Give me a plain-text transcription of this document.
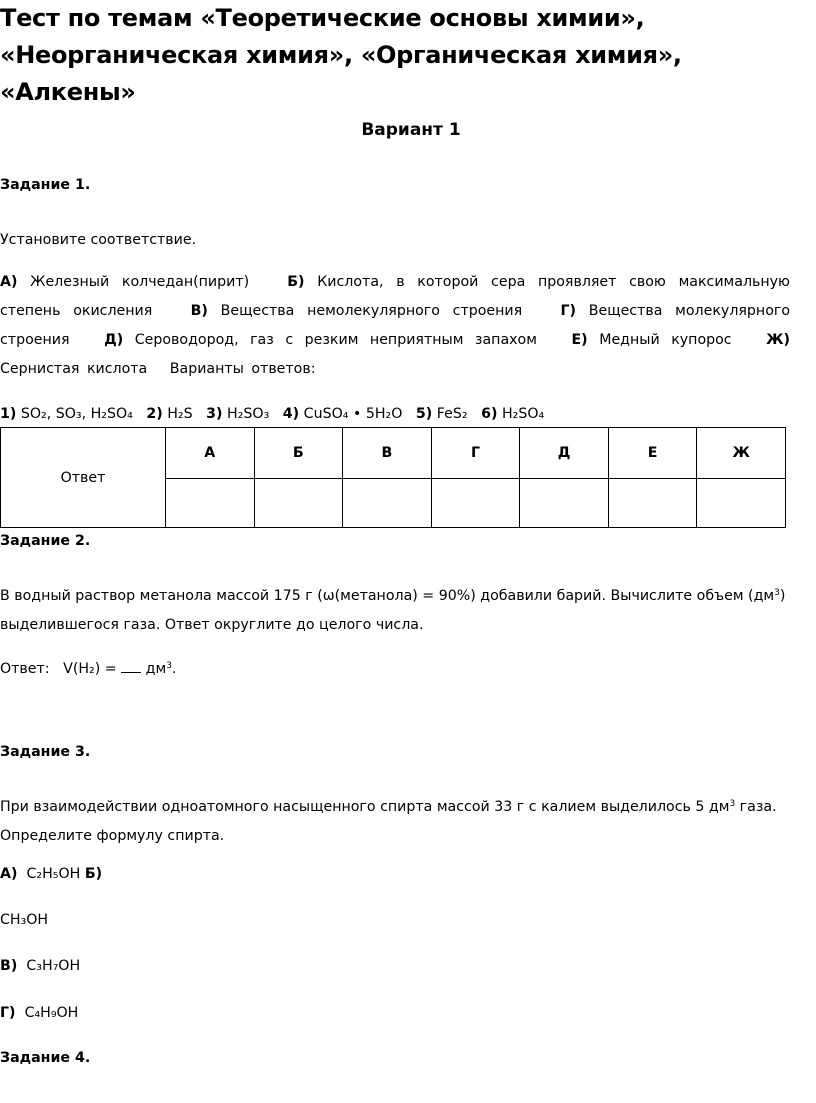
Тест по темам «Теоретические основы химии», «Неорганическая химия», «Органическая химия», «Алкены»

Вариант 1

Задание 1.

Установите соответствие.

А) Железный колчедан(пирит)	Б) Кислота, в которой сера проявляет свою максимальную степень окисления	В) Вещества немолекулярного строения	Г) Вещества молекулярного строения Д) Сероводород, газ с резким неприятным запахом Е) Медный купорос Ж) Сернистая кислота Варианты ответов:

1) SO₂, SO₃, H₂SO₄ 2) H₂S 3) H₂SO₃ 4) CuSO₄ • 5H₂O 5) FeS₂ 6) H₂SO₄

Ответ	А	Б	В	Г	Д	Е	Ж

Задание 2.

В водный раствор метанола массой 175 г (ω(метанола) = 90%) добавили барий. Вычислите объем $(дм^3)$ выделившегося газа. Ответ округлите до целого числа.

Ответ: $V(H_2) = дм^3$.

Задание 3.

При взаимодействии одноатомного насыщенного спирта массой 33 г с калием выделилось 5 $дм^3$ газа. Определите формулу спирта.

А) C₂H₅OH Б)

CH₃OH

В) C₃H₇OH

Г) C₄H₉OH

Задание 4.
